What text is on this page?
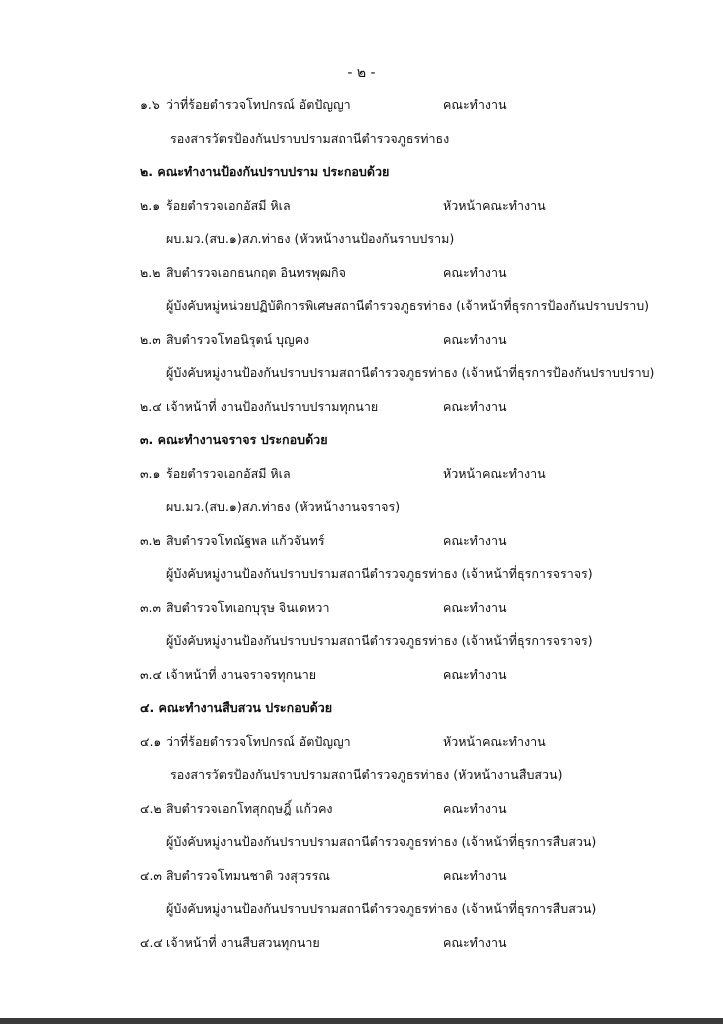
- ๒ -
๑.๖ ว่าที่ร้อยตำรวจโทปกรณ์ อัตปัญญา	คณะทำงาน
รองสารวัตรป้องกันปราบปรามสถานีตำรวจภูธรท่าธง
๒. คณะทำงานป้องกันปราบปราม ประกอบด้วย
๒.๑ ร้อยตำรวจเอกอัสมี หิเล	หัวหน้าคณะทำงาน
ผบ.มว.(สบ.๑)สภ.ท่าธง (หัวหน้างานป้องกันราบปราม)
๒.๒ สิบตำรวจเอกธนกฤต อินทรพุฒกิจ	คณะทำงาน
ผู้บังคับหมู่หน่วยปฏิบัติการพิเศษสถานีตำรวจภูธรท่าธง (เจ้าหน้าที่ธุรการป้องกันปราบปราบ)
๒.๓ สิบตำรวจโทอนิรุตน์ บุญคง	คณะทำงาน
ผู้บังคับหมู่งานป้องกันปราบปรามสถานีตำรวจภูธรท่าธง (เจ้าหน้าที่ธุรการป้องกันปราบปราบ)
๒.๔ เจ้าหน้าที่ งานป้องกันปราบปรามทุกนาย	คณะทำงาน
๓. คณะทำงานจราจร ประกอบด้วย
๓.๑ ร้อยตำรวจเอกอัสมี หิเล	หัวหน้าคณะทำงาน
ผบ.มว.(สบ.๑)สภ.ท่าธง (หัวหน้างานจราจร)
๓.๒ สิบตำรวจโทณัฐพล แก้วจันทร์	คณะทำงาน
ผู้บังคับหมู่งานป้องกันปราบปรามสถานีตำรวจภูธรท่าธง (เจ้าหน้าที่ธุรการจราจร)
๓.๓ สิบตำรวจโทเอกบุรุษ จินเดหวา	คณะทำงาน
ผู้บังคับหมู่งานป้องกันปราบปรามสถานีตำรวจภูธรท่าธง (เจ้าหน้าที่ธุรการจราจร)
๓.๔ เจ้าหน้าที่ งานจราจรทุกนาย	คณะทำงาน
๔. คณะทำงานสืบสวน ประกอบด้วย
๔.๑ ว่าที่ร้อยตำรวจโทปกรณ์ อัตปัญญา	หัวหน้าคณะทำงาน
รองสารวัตรป้องกันปราบปรามสถานีตำรวจภูธรท่าธง (หัวหน้างานสืบสวน)
๔.๒ สิบตำรวจเอกโทสุกฤษฎิ์ แก้วคง	คณะทำงาน
ผู้บังคับหมู่งานป้องกันปราบปรามสถานีตำรวจภูธรท่าธง (เจ้าหน้าที่ธุรการสืบสวน)
๔.๓ สิบตำรวจโทมนชาติ วงสุวรรณ	คณะทำงาน
ผู้บังคับหมู่งานป้องกันปราบปรามสถานีตำรวจภูธรท่าธง (เจ้าหน้าที่ธุรการสืบสวน)
๔.๔ เจ้าหน้าที่ งานสืบสวนทุกนาย	คณะทำงาน
